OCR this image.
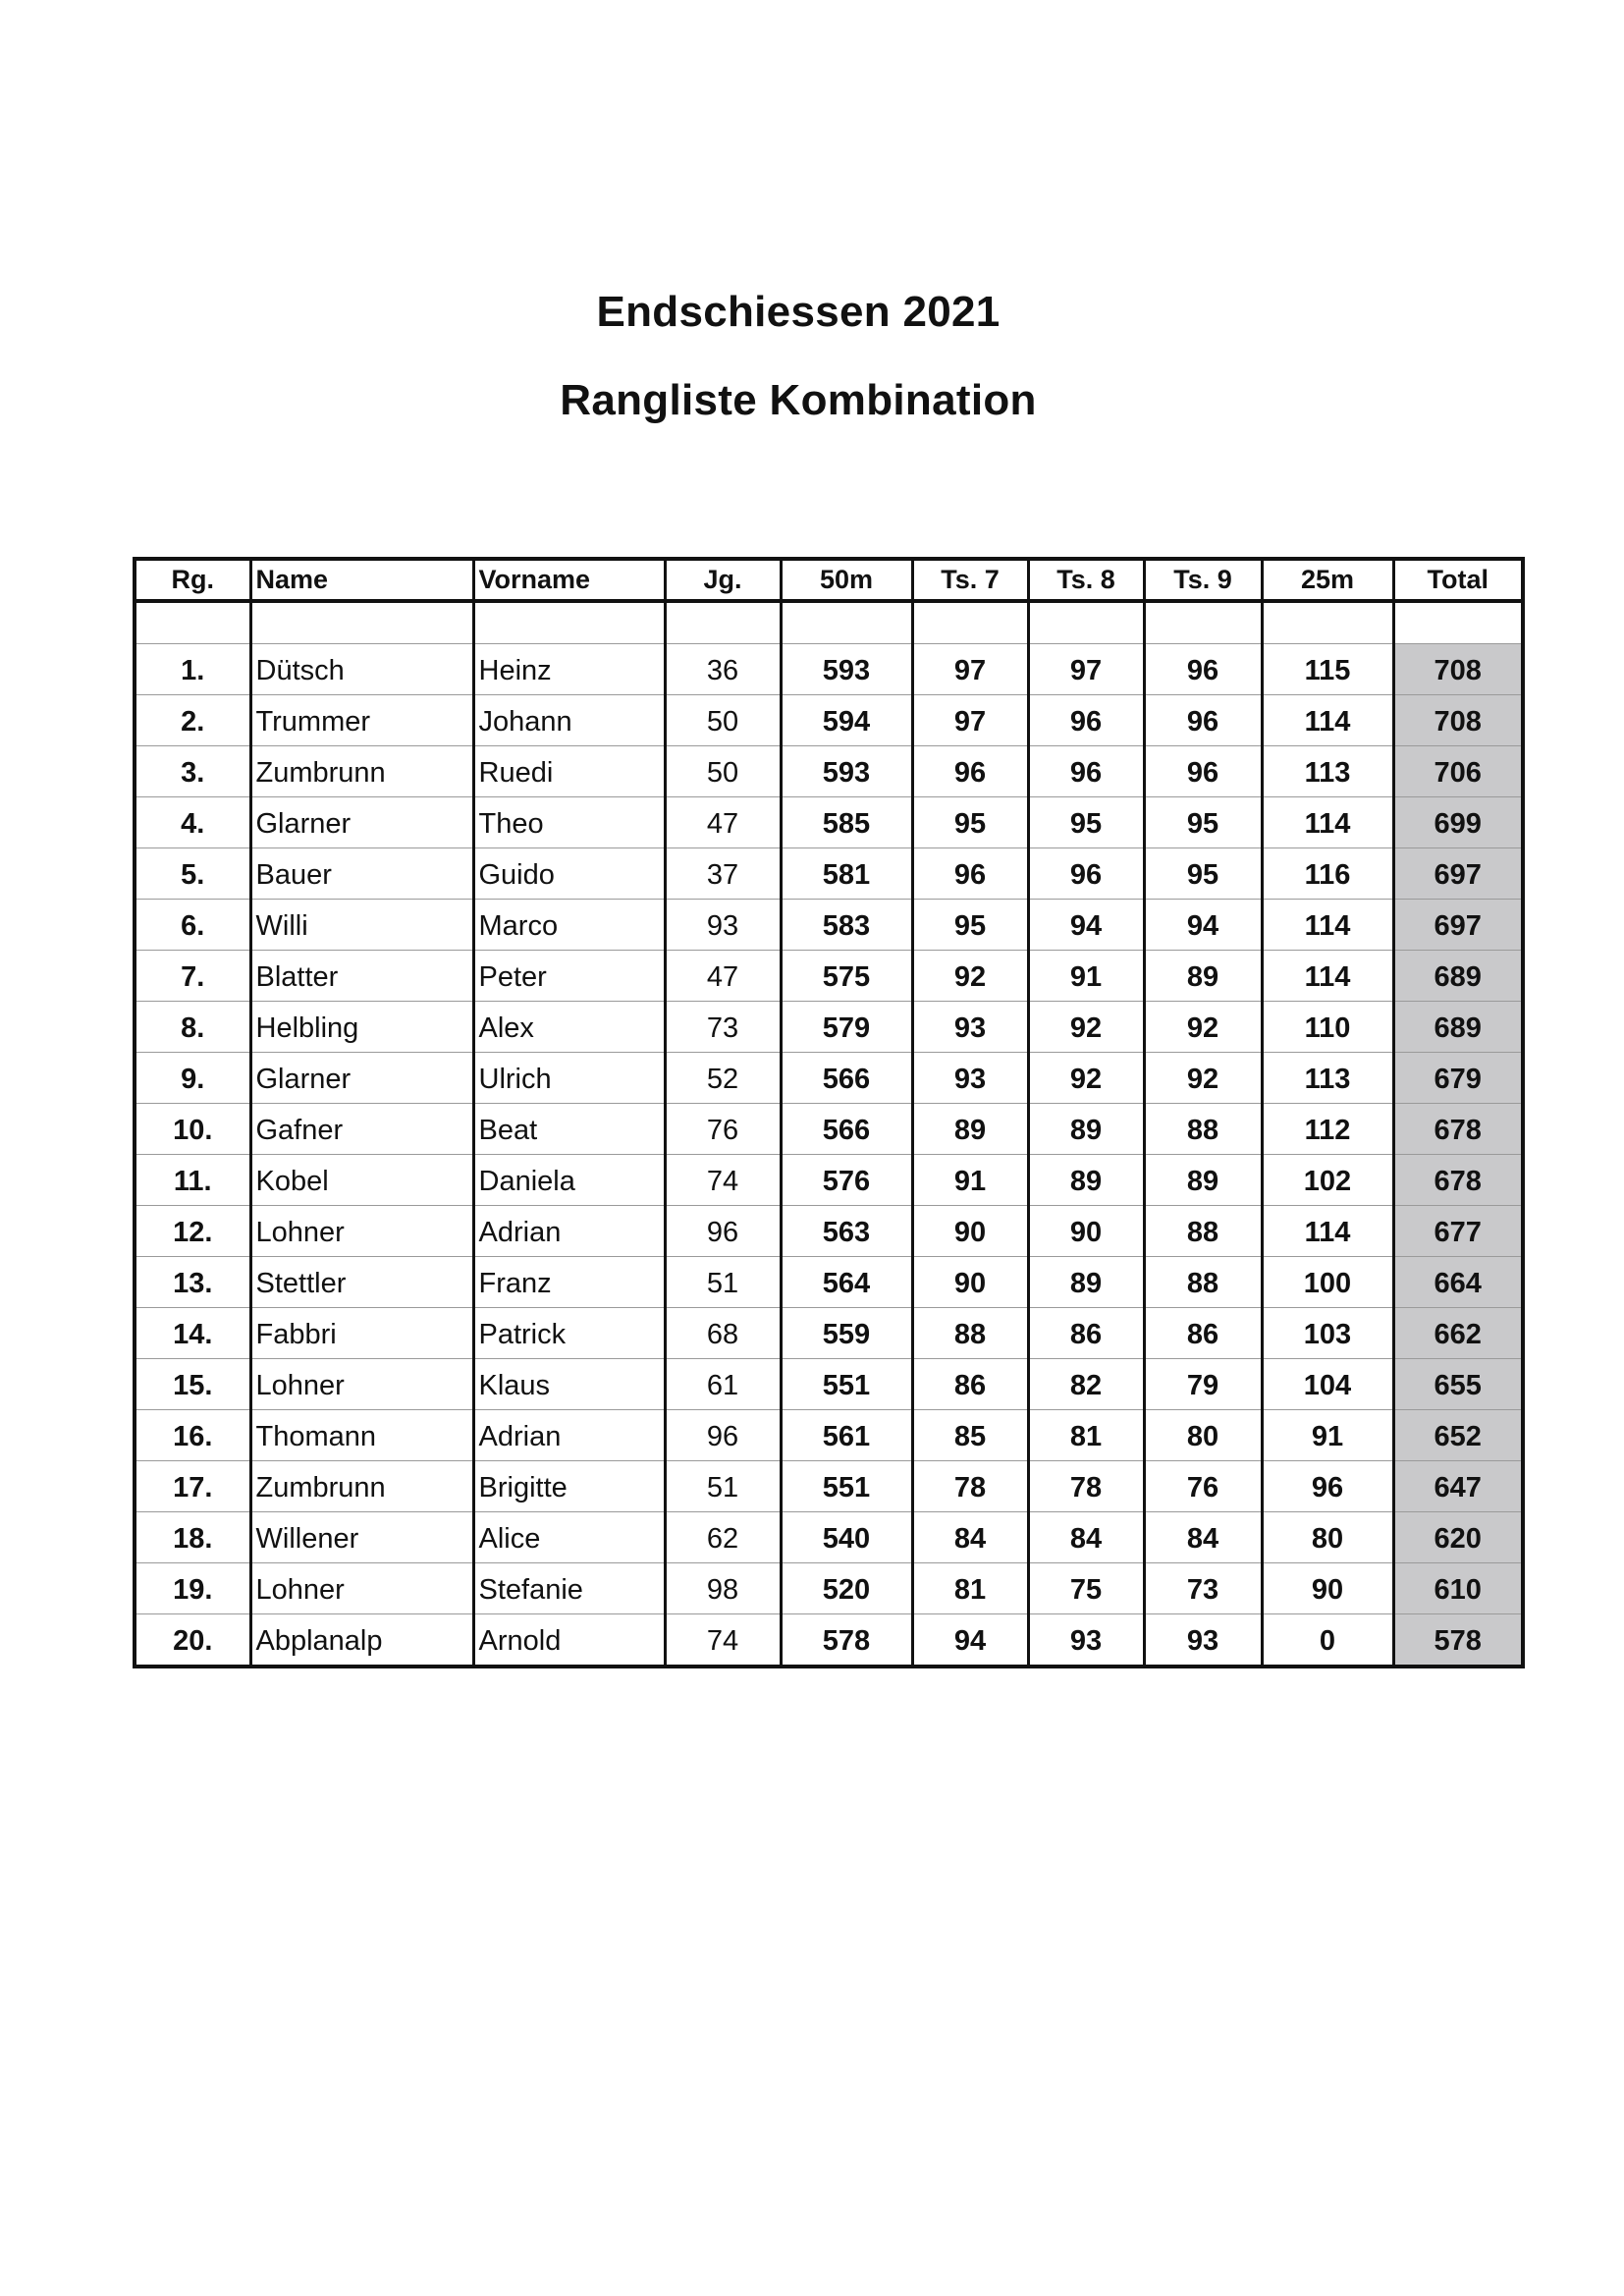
Endschiessen 2021
Rangliste Kombination
Rg.	Name	Vorname	Jg.	50m	Ts. 7	Ts. 8	Ts. 9	25m	Total

1.	Dütsch	Heinz	36	593	97	97	96	115	708
2.	Trummer	Johann	50	594	97	96	96	114	708
3.	Zumbrunn	Ruedi	50	593	96	96	96	113	706
4.	Glarner	Theo	47	585	95	95	95	114	699
5.	Bauer	Guido	37	581	96	96	95	116	697
6.	Willi	Marco	93	583	95	94	94	114	697
7.	Blatter	Peter	47	575	92	91	89	114	689
8.	Helbling	Alex	73	579	93	92	92	110	689
9.	Glarner	Ulrich	52	566	93	92	92	113	679
10.	Gafner	Beat	76	566	89	89	88	112	678
11.	Kobel	Daniela	74	576	91	89	89	102	678
12.	Lohner	Adrian	96	563	90	90	88	114	677
13.	Stettler	Franz	51	564	90	89	88	100	664
14.	Fabbri	Patrick	68	559	88	86	86	103	662
15.	Lohner	Klaus	61	551	86	82	79	104	655
16.	Thomann	Adrian	96	561	85	81	80	91	652
17.	Zumbrunn	Brigitte	51	551	78	78	76	96	647
18.	Willener	Alice	62	540	84	84	84	80	620
19.	Lohner	Stefanie	98	520	81	75	73	90	610
20.	Abplanalp	Arnold	74	578	94	93	93	0	578
